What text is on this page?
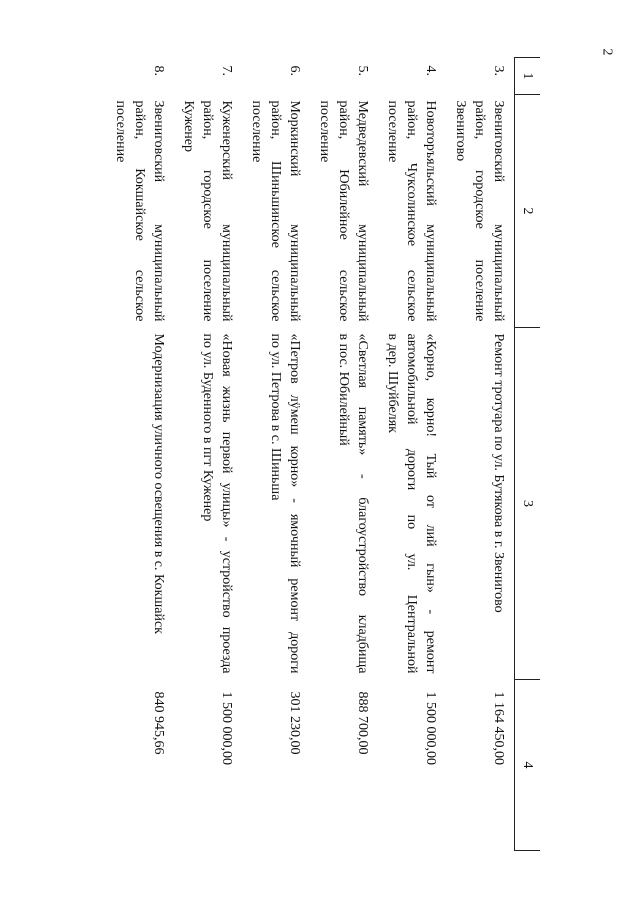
2
1	2	3	4
3.	Звениговский муниципальный
район, городское поселение

Звенигово	Ремонт тротуара по ул. Бутякова в г. Звенигово	1 164 450,00
4.	Новоторъяльский муниципальный
район, Чуксолинское сельское

поселение	«Корно, корно! Тый от лий гын» - ремонт
автомобильной дороги по ул. Центральной

в дер. Шуйбеляк	1 500 000,00
5.	Медведевский муниципальный
район, Юбилейное сельское

поселение	«Светлая память» - благоустройство кладбища

в пос. Юбилейный	888 700,00
6.	Моркинский муниципальный
район, Шиньшинское сельское

поселение	«Петров лÿмеш корно» - ямочный ремонт дороги

по ул. Петрова в с. Шиньша	301 230,00
7.	Куженерский муниципальный
район, городское поселение

Куженер	«Новая жизнь первой улицы» - устройство проезда

по ул. Буденного в пгт Куженер	1 500 000,00
8.	Звениговский муниципальный
район, Кокшайское сельское

поселение	Модернизация уличного освещения в с. Кокшайск	840 945,66
